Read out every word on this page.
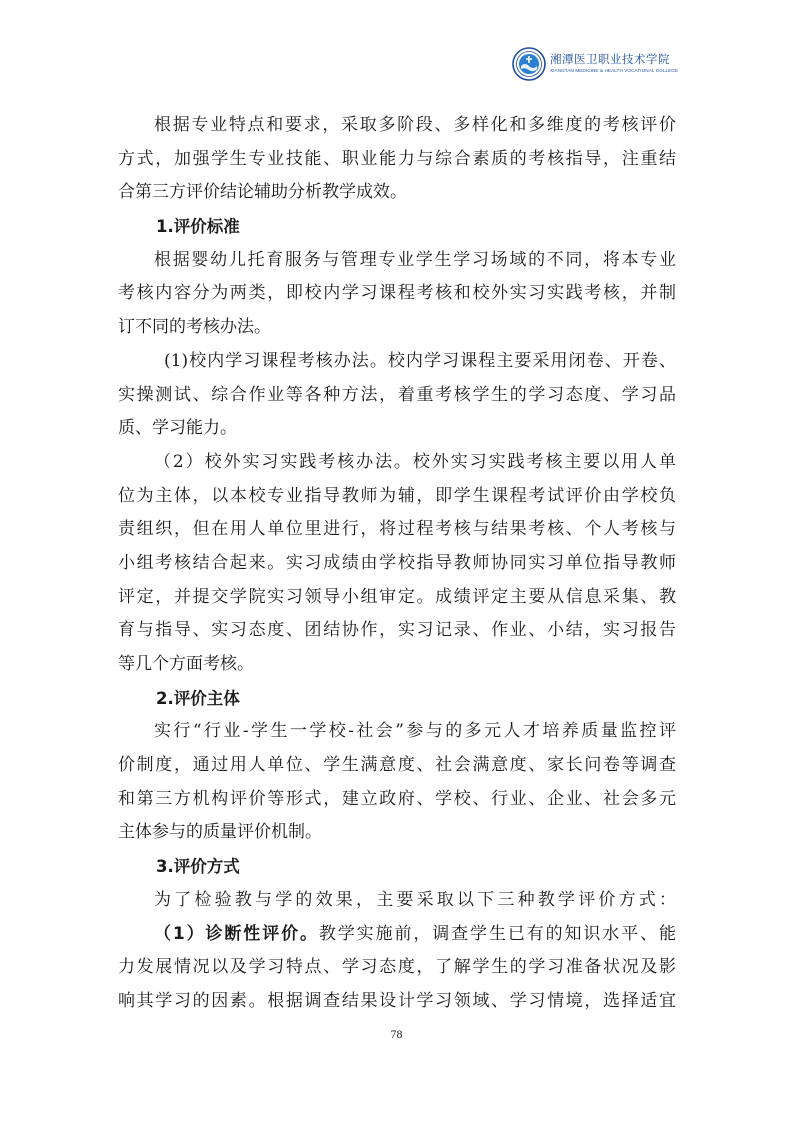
湘潭医卫职业技术学院
XIANGTAN MEDICINE & HEALTH VOCATIONAL COLLEGE
根据专业特点和要求，采取多阶段、多样化和多维度的考核评价
方式，加强学生专业技能、职业能力与综合素质的考核指导，注重结
合第三方评价结论辅助分析教学成效。
1.评价标准
根据婴幼儿托育服务与管理专业学生学习场域的不同，将本专业
考核内容分为两类，即校内学习课程考核和校外实习实践考核，并制
订不同的考核办法。
(1)校内学习课程考核办法。校内学习课程主要采用闭卷、开卷、
实操测试、综合作业等各种方法，着重考核学生的学习态度、学习品
质、学习能力。
（2）校外实习实践考核办法。校外实习实践考核主要以用人单
位为主体，以本校专业指导教师为辅，即学生课程考试评价由学校负
责组织，但在用人单位里进行，将过程考核与结果考核、个人考核与
小组考核结合起来。实习成绩由学校指导教师协同实习单位指导教师
评定，并提交学院实习领导小组审定。成绩评定主要从信息采集、教
育与指导、实习态度、团结协作，实习记录、作业、小结，实习报告
等几个方面考核。
2.评价主体
实行“行业-学生一学校-社会”参与的多元人才培养质量监控评
价制度，通过用人单位、学生满意度、社会满意度、家长问卷等调查
和第三方机构评价等形式，建立政府、学校、行业、企业、社会多元
主体参与的质量评价机制。
3.评价方式
为了检验教与学的效果，主要采取以下三种教学评价方式：
（1）诊断性评价。教学实施前，调查学生已有的知识水平、能
力发展情况以及学习特点、学习态度，了解学生的学习准备状况及影
响其学习的因素。根据调查结果设计学习领域、学习情境，选择适宜
78
